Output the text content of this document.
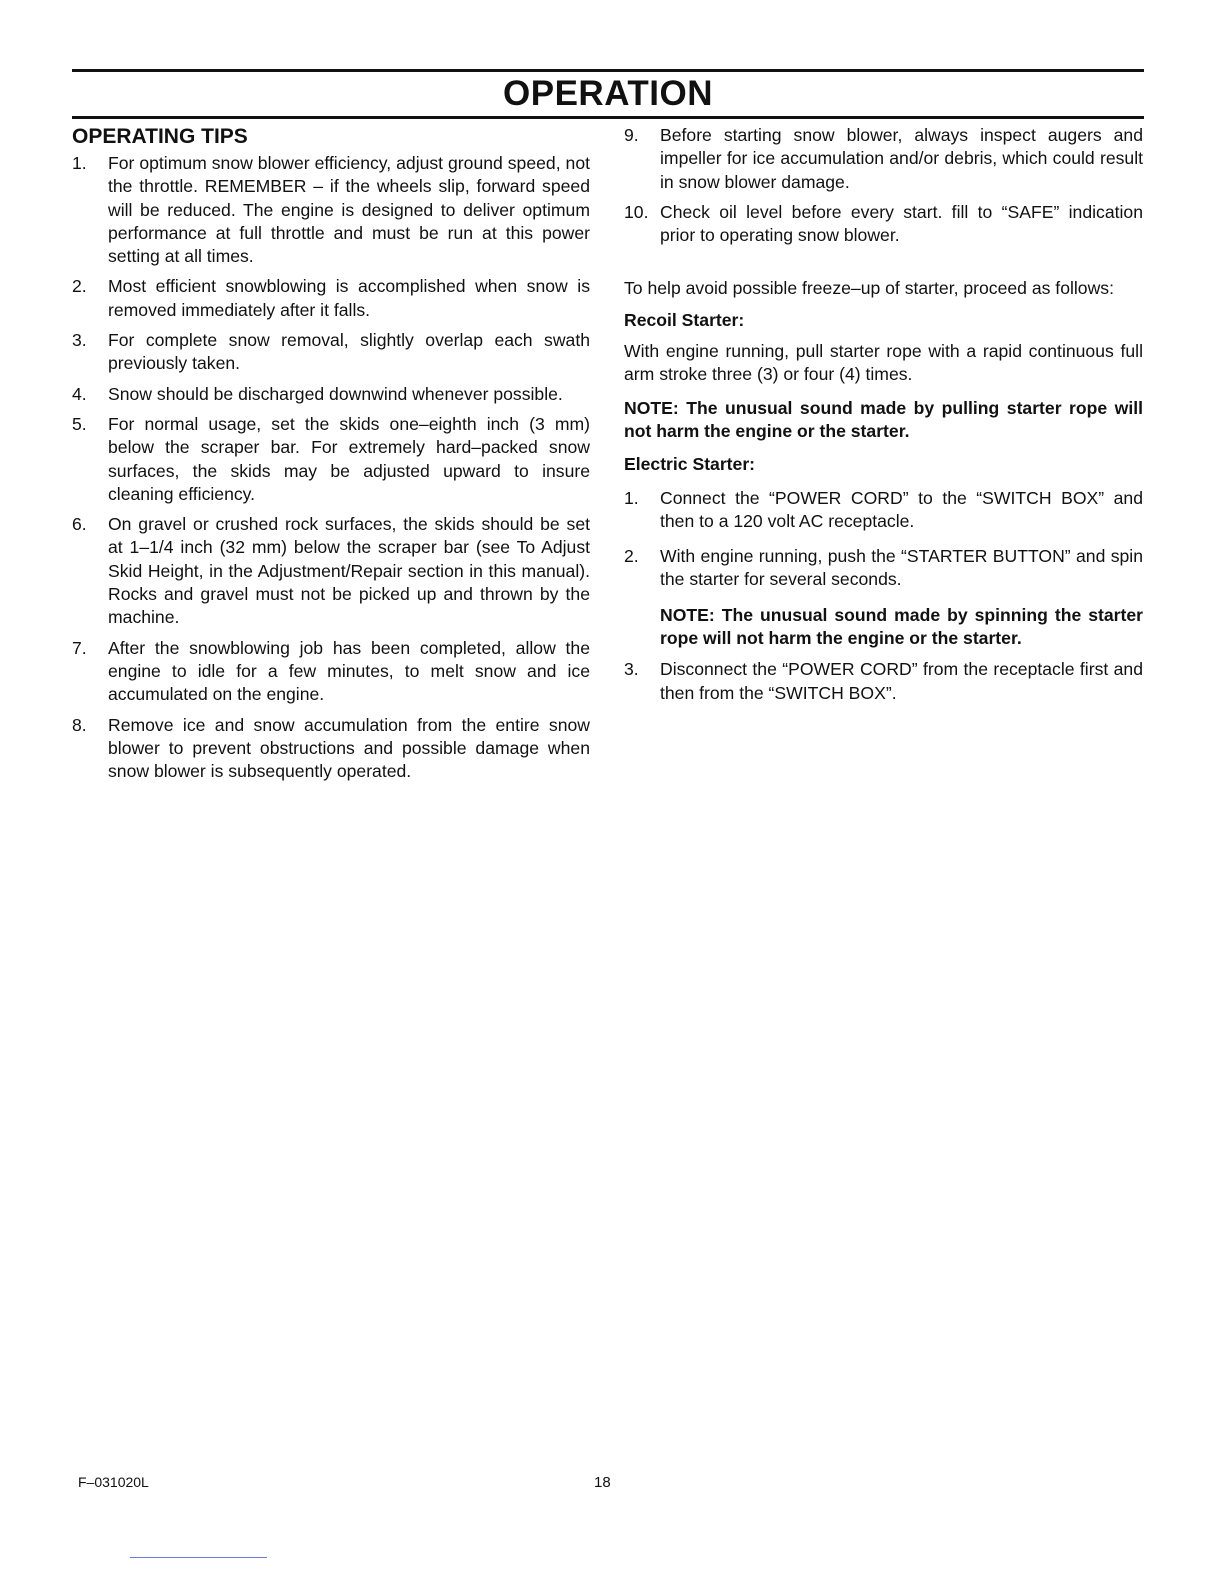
OPERATION
OPERATING TIPS
1. For optimum snow blower efficiency, adjust ground speed, not the throttle. REMEMBER – if the wheels slip, forward speed will be reduced. The engine is designed to deliver optimum performance at full throttle and must be run at this power setting at all times.
2. Most efficient snowblowing is accomplished when snow is removed immediately after it falls.
3. For complete snow removal, slightly overlap each swath previously taken.
4. Snow should be discharged downwind whenever possible.
5. For normal usage, set the skids one–eighth inch (3 mm) below the scraper bar. For extremely hard–packed snow surfaces, the skids may be adjusted upward to insure cleaning efficiency.
6. On gravel or crushed rock surfaces, the skids should be set at 1–1/4 inch (32 mm) below the scraper bar (see To Adjust Skid Height, in the Adjustment/Repair section in this manual). Rocks and gravel must not be picked up and thrown by the machine.
7. After the snowblowing job has been completed, allow the engine to idle for a few minutes, to melt snow and ice accumulated on the engine.
8. Remove ice and snow accumulation from the entire snow blower to prevent obstructions and possible damage when snow blower is subsequently operated.
9. Before starting snow blower, always inspect augers and impeller for ice accumulation and/or debris, which could result in snow blower damage.
10. Check oil level before every start. fill to “SAFE” indication prior to operating snow blower.

To help avoid possible freeze–up of starter, proceed as follows:

Recoil Starter:

With engine running, pull starter rope with a rapid continuous full arm stroke three (3) or four (4) times.

NOTE: The unusual sound made by pulling starter rope will not harm the engine or the starter.

Electric Starter:

1. Connect the “POWER CORD” to the “SWITCH BOX” and then to a 120 volt AC receptacle.
2. With engine running, push the “STARTER BUTTON” and spin the starter for several seconds.

NOTE: The unusual sound made by spinning the starter rope will not harm the engine or the starter.

3. Disconnect the “POWER CORD” from the receptacle first and then from the “SWITCH BOX”.
F–031020L	18
